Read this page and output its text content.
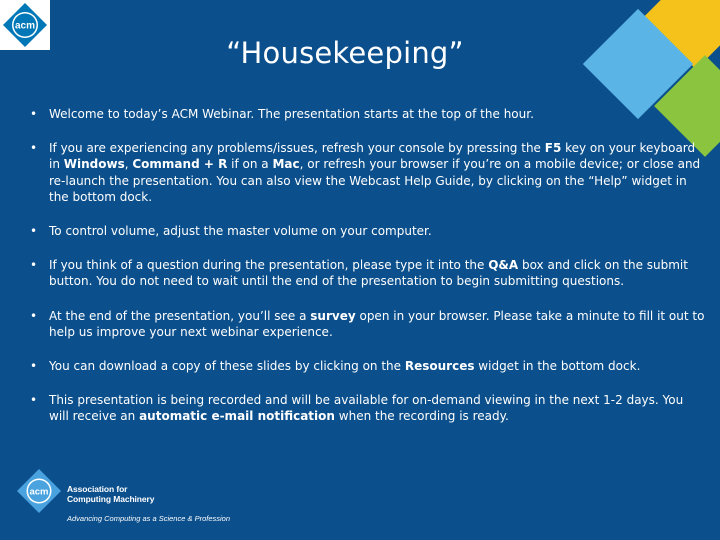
acm
“Housekeeping”
• Welcome to today’s ACM Webinar. The presentation starts at the top of the hour.
• If you are experiencing any problems/issues, refresh your console by pressing the F5 key on your keyboard in Windows, Command + R if on a Mac, or refresh your browser if you’re on a mobile device; or close and re-launch the presentation. You can also view the Webcast Help Guide, by clicking on the “Help” widget in the bottom dock.
• To control volume, adjust the master volume on your computer.
• If you think of a question during the presentation, please type it into the Q&A box and click on the submit button. You do not need to wait until the end of the presentation to begin submitting questions.
• At the end of the presentation, you’ll see a survey open in your browser. Please take a minute to fill it out to help us improve your next webinar experience.
• You can download a copy of these slides by clicking on the Resources widget in the bottom dock.
• This presentation is being recorded and will be available for on-demand viewing in the next 1-2 days. You will receive an automatic e-mail notification when the recording is ready.
acm Association for
Computing Machinery
Advancing Computing as a Science & Profession
